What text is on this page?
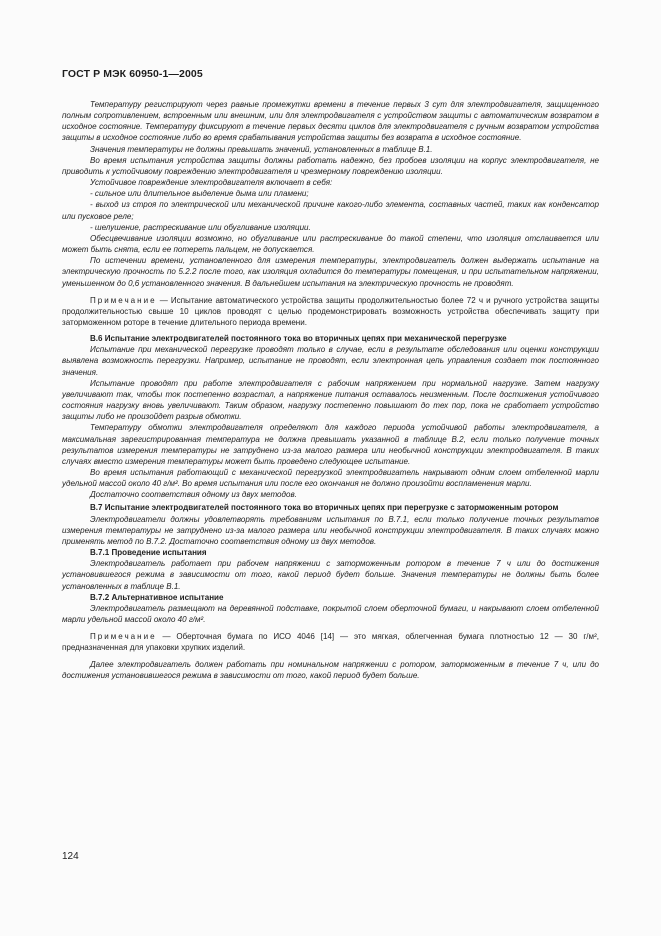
ГОСТ Р МЭК 60950-1—2005

Температуру регистрируют через равные промежутки времени в течение первых 3 сут для электродвигателя, защищенного полным сопротивлением, встроенным или внешним, или для электродвигателя с устройством защиты с автоматическим возвратом в исходное состояние. Температуру фиксируют в течение первых десяти циклов для электродвигателя с ручным возвратом устройства защиты в исходное состояние либо во время срабатывания устройства защиты без возврата в исходное состояние.

Значения температуры не должны превышать значений, установленных в таблице В.1.

Во время испытания устройства защиты должны работать надежно, без пробоев изоляции на корпус электродвигателя, не приводить к устойчивому повреждению электродвигателя и чрезмерному повреждению изоляции.

Устойчивое повреждение электродвигателя включает в себя:

- сильное или длительное выделение дыма или пламени;

- выход из строя по электрической или механической причине какого-либо элемента, составных частей, таких как конденсатор или пусковое реле;

- шелушение, растрескивание или обугливание изоляции.

Обесцвечивание изоляции возможно, но обугливание или растрескивание до такой степени, что изоляция отслаивается или может быть снята, если ее потереть пальцем, не допускается.

По истечении времени, установленного для измерения температуры, электродвигатель должен выдержать испытание на электрическую прочность по 5.2.2 после того, как изоляция охладится до температуры помещения, и при испытательном напряжении, уменьшенном до 0,6 установленного значения. В дальнейшем испытания на электрическую прочность не проводят.

Примечание — Испытание автоматического устройства защиты продолжительностью более 72 ч и ручного устройства защиты продолжительностью свыше 10 циклов проводят с целью продемонстрировать возможность устройства обеспечивать защиту при заторможенном роторе в течение длительного периода времени.

В.6 Испытание электродвигателей постоянного тока во вторичных цепях при механической перегрузке

Испытание при механической перегрузке проводят только в случае, если в результате обследования или оценки конструкции выявлена возможность перегрузки. Например, испытание не проводят, если электронная цепь управления создает ток постоянного значения.

Испытание проводят при работе электродвигателя с рабочим напряжением при нормальной нагрузке. Затем нагрузку увеличивают так, чтобы ток постепенно возрастал, а напряжение питания оставалось неизменным. После достижения устойчивого состояния нагрузку вновь увеличивают. Таким образом, нагрузку постепенно повышают до тех пор, пока не сработает устройство защиты либо не произойдет разрыв обмотки.

Температуру обмотки электродвигателя определяют для каждого периода устойчивой работы электродвигателя, а максимальная зарегистрированная температура не должна превышать указанной в таблице В.2, если только получение точных результатов измерения температуры не затруднено из-за малого размера или необычной конструкции электродвигателя. В таких случаях вместо измерения температуры может быть проведено следующее испытание.

Во время испытания работающий с механической перегрузкой электродвигатель накрывают одним слоем отбеленной марли удельной массой около 40 г/м². Во время испытания или после его окончания не должно произойти воспламенения марли.

Достаточно соответствия одному из двух методов.

В.7 Испытание электродвигателей постоянного тока во вторичных цепях при перегрузке с заторможенным ротором

Электродвигатели должны удовлетворять требованиям испытания по В.7.1, если только получение точных результатов измерения температуры не затруднено из-за малого размера или необычной конструкции электродвигателя. В таких случаях можно применять метод по В.7.2. Достаточно соответствия одному из двух методов.

В.7.1 Проведение испытания

Электродвигатель работает при рабочем напряжении с заторможенным ротором в течение 7 ч или до достижения установившегося режима в зависимости от того, какой период будет больше. Значения температуры не должны быть более установленных в таблице В.1.

В.7.2 Альтернативное испытание

Электродвигатель размещают на деревянной подставке, покрытой слоем оберточной бумаги, и накрывают слоем отбеленной марли удельной массой около 40 г/м².

Примечание — Оберточная бумага по ИСО 4046 [14] — это мягкая, облегченная бумага плотностью 12 — 30 г/м², предназначенная для упаковки хрупких изделий.

Далее электродвигатель должен работать при номинальном напряжении с ротором, заторможенным в течение 7 ч, или до достижения установившегося режима в зависимости от того, какой период будет больше.

124
